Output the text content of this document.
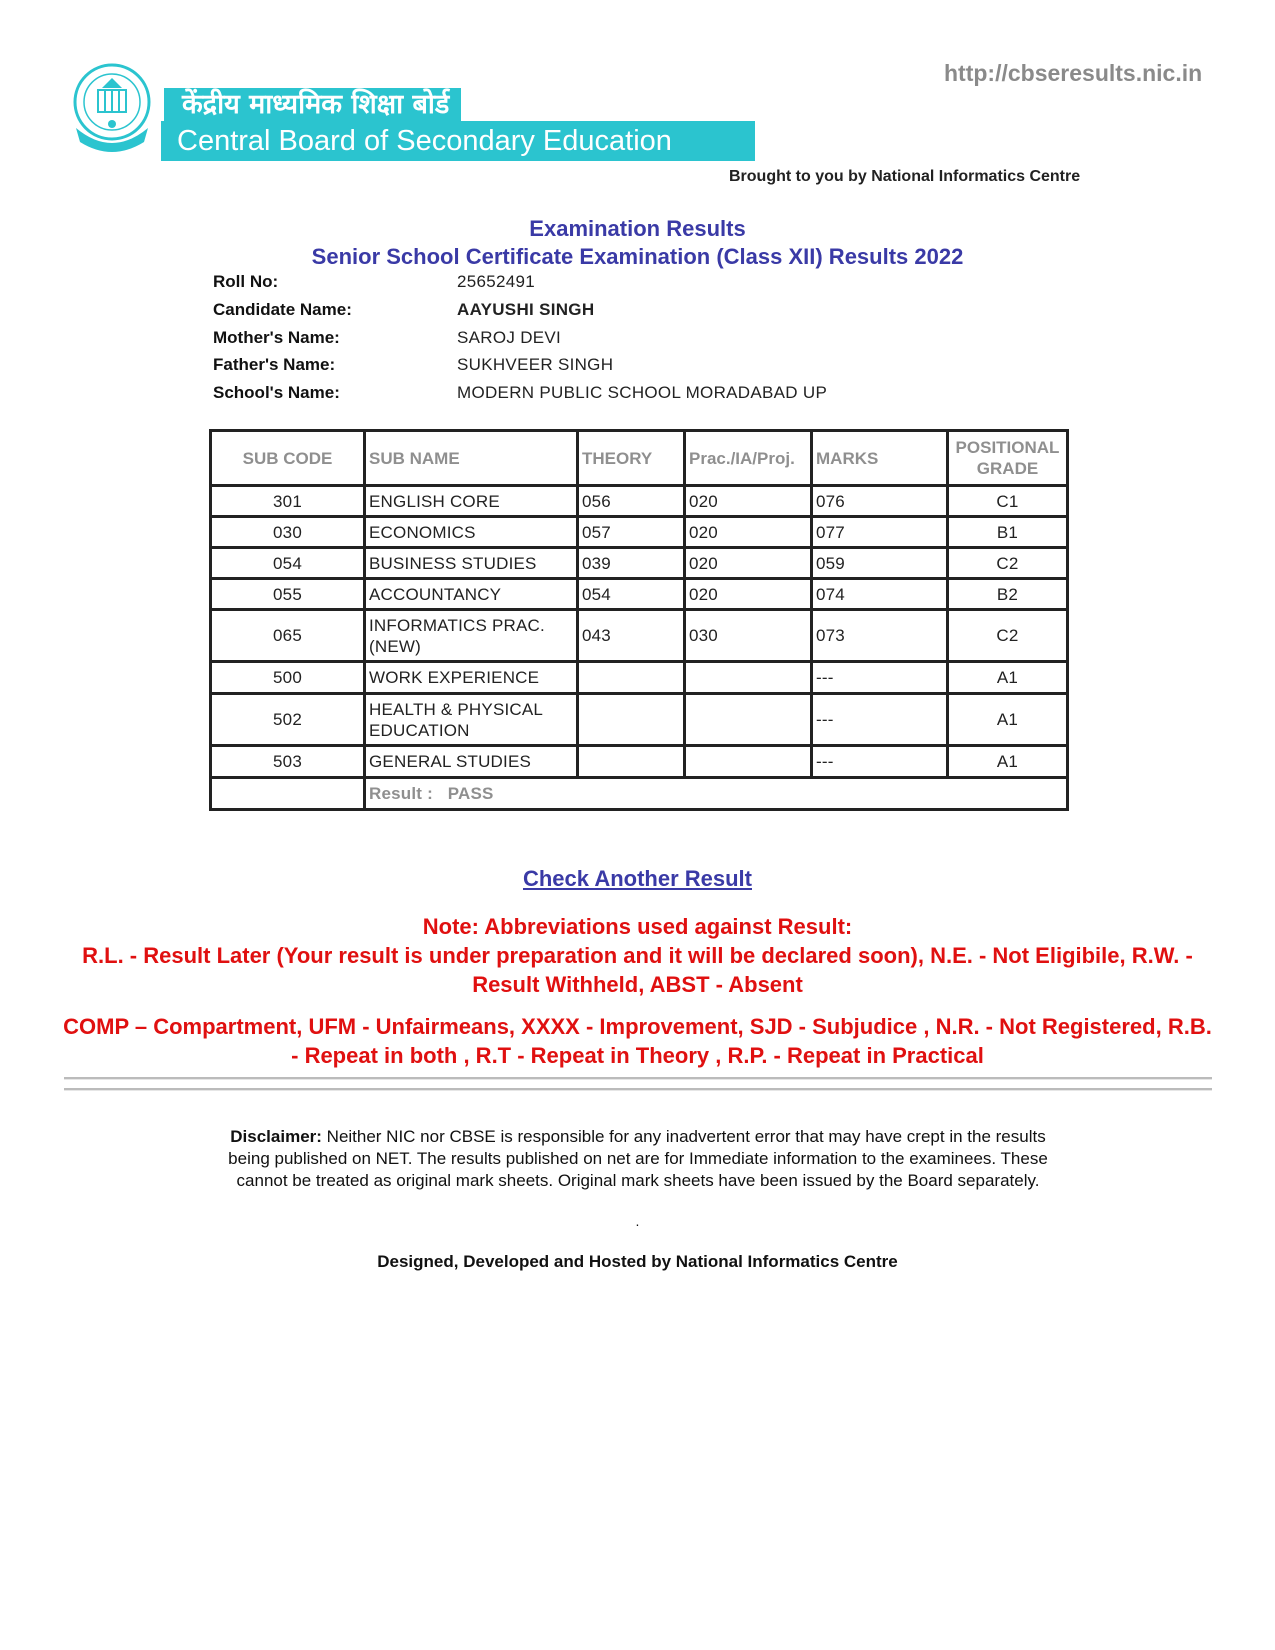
केंद्रीय माध्यमिक शिक्षा बोर्ड
Central Board of Secondary Education
http://cbseresults.nic.in
Brought to you by National Informatics Centre
Examination Results
Senior School Certificate Examination (Class XII) Results 2022
Roll No:	25652491
Candidate Name:	AAYUSHI SINGH
Mother's Name:	SAROJ DEVI
Father's Name:	SUKHVEER SINGH
School's Name:	MODERN PUBLIC SCHOOL MORADABAD UP
SUB CODE	SUB NAME	THEORY	Prac./IA/Proj.	MARKS	POSITIONAL GRADE
301	ENGLISH CORE	056	020	076	C1
030	ECONOMICS	057	020	077	B1
054	BUSINESS STUDIES	039	020	059	C2
055	ACCOUNTANCY	054	020	074	B2
065	INFORMATICS PRAC. (NEW)	043	030	073	C2
500	WORK EXPERIENCE			---	A1
502	HEALTH & PHYSICAL EDUCATION			---	A1
503	GENERAL STUDIES			---	A1
	Result :   PASS				
Check Another Result
Note: Abbreviations used against Result:
R.L. - Result Later (Your result is under preparation and it will be declared soon), N.E. - Not Eligibile, R.W. - Result Withheld, ABST - Absent
COMP – Compartment, UFM - Unfairmeans, XXXX - Improvement, SJD - Subjudice , N.R. - Not Registered, R.B. - Repeat in both , R.T - Repeat in Theory , R.P. - Repeat in Practical
Disclaimer: Neither NIC nor CBSE is responsible for any inadvertent error that may have crept in the results being published on NET. The results published on net are for Immediate information to the examinees. These cannot be treated as original mark sheets. Original mark sheets have been issued by the Board separately.
.
Designed, Developed and Hosted by National Informatics Centre
